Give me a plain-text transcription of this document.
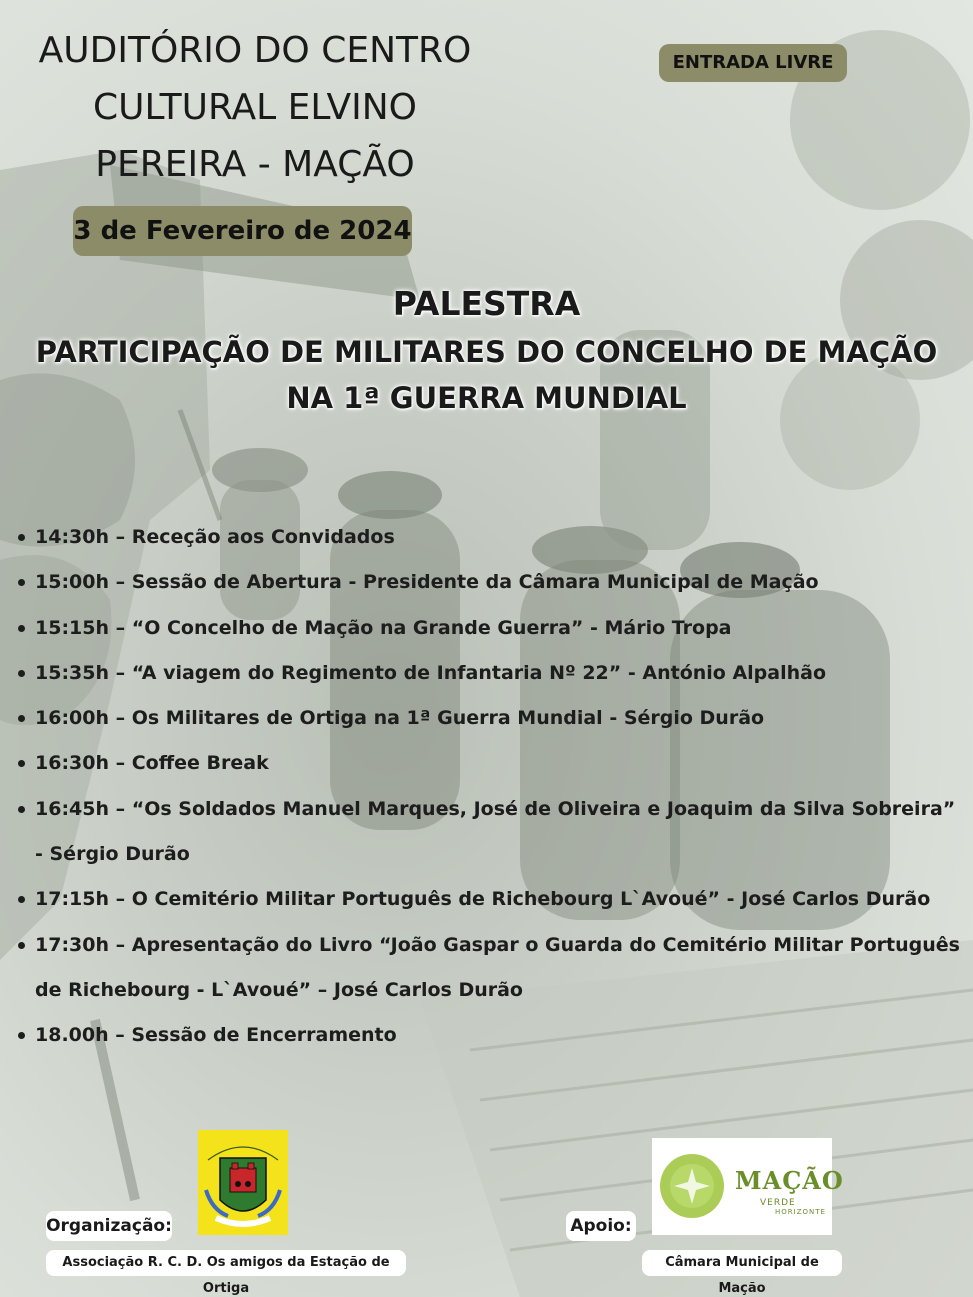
AUDITÓRIO DO CENTRO
CULTURAL ELVINO
PEREIRA - MAÇÃO
ENTRADA LIVRE
3 de Fevereiro de 2024
PALESTRA
PARTICIPAÇÃO DE MILITARES DO CONCELHO DE MAÇÃO
NA 1ª GUERRA MUNDIAL
14:30h – Receção aos Convidados
15:00h – Sessão de Abertura - Presidente da Câmara Municipal de Mação
15:15h – “O Concelho de Mação na Grande Guerra” - Mário Tropa
15:35h – “A viagem do Regimento de Infantaria Nº 22” - António Alpalhão
16:00h – Os Militares de Ortiga na 1ª Guerra Mundial - Sérgio Durão
16:30h – Coffee Break
16:45h – “Os Soldados Manuel Marques, José de Oliveira e Joaquim da Silva Sobreira” - Sérgio Durão
17:15h – O Cemitério Militar Português de Richebourg L`Avoué” - José Carlos Durão
17:30h – Apresentação do Livro “João Gaspar o Guarda do Cemitério Militar Português de Richebourg - L`Avoué” – José Carlos Durão
18.00h – Sessão de Encerramento
Organização:
Associação R. C. D. Os amigos da Estação de Ortiga
MAÇÃO
VERDE
HORIZONTE
Apoio:
Câmara Municipal de Mação
